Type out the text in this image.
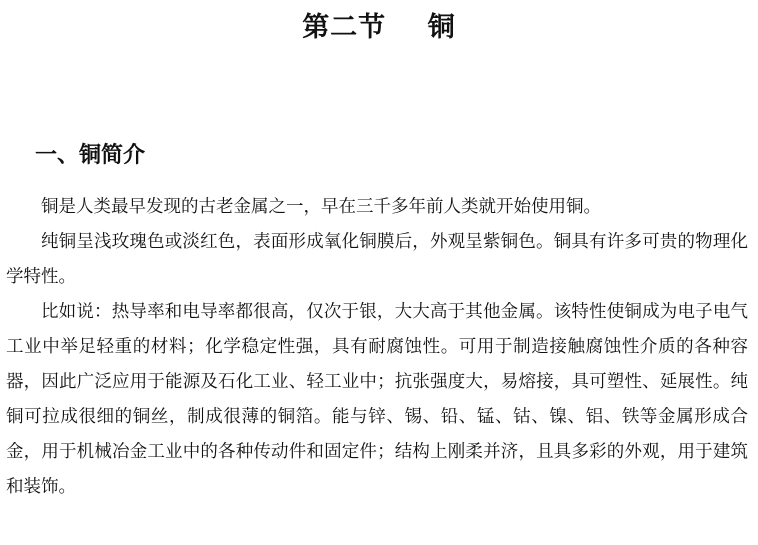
第二节    铜
一、铜简介

铜是人类最早发现的古老金属之一，早在三千多年前人类就开始使用铜。

纯铜呈浅玫瑰色或淡红色，表面形成氧化铜膜后，外观呈紫铜色。铜具有许多可贵的物理化学特性。

比如说：热导率和电导率都很高，仅次于银，大大高于其他金属。该特性使铜成为电子电气工业中举足轻重的材料；化学稳定性强，具有耐腐蚀性。可用于制造接触腐蚀性介质的各种容器，因此广泛应用于能源及石化工业、轻工业中；抗张强度大，易熔接，具可塑性、延展性。纯铜可拉成很细的铜丝，制成很薄的铜箔。能与锌、锡、铅、锰、钴、镍、铝、铁等金属形成合金，用于机械冶金工业中的各种传动件和固定件；结构上刚柔并济，且具多彩的外观，用于建筑和装饰。
